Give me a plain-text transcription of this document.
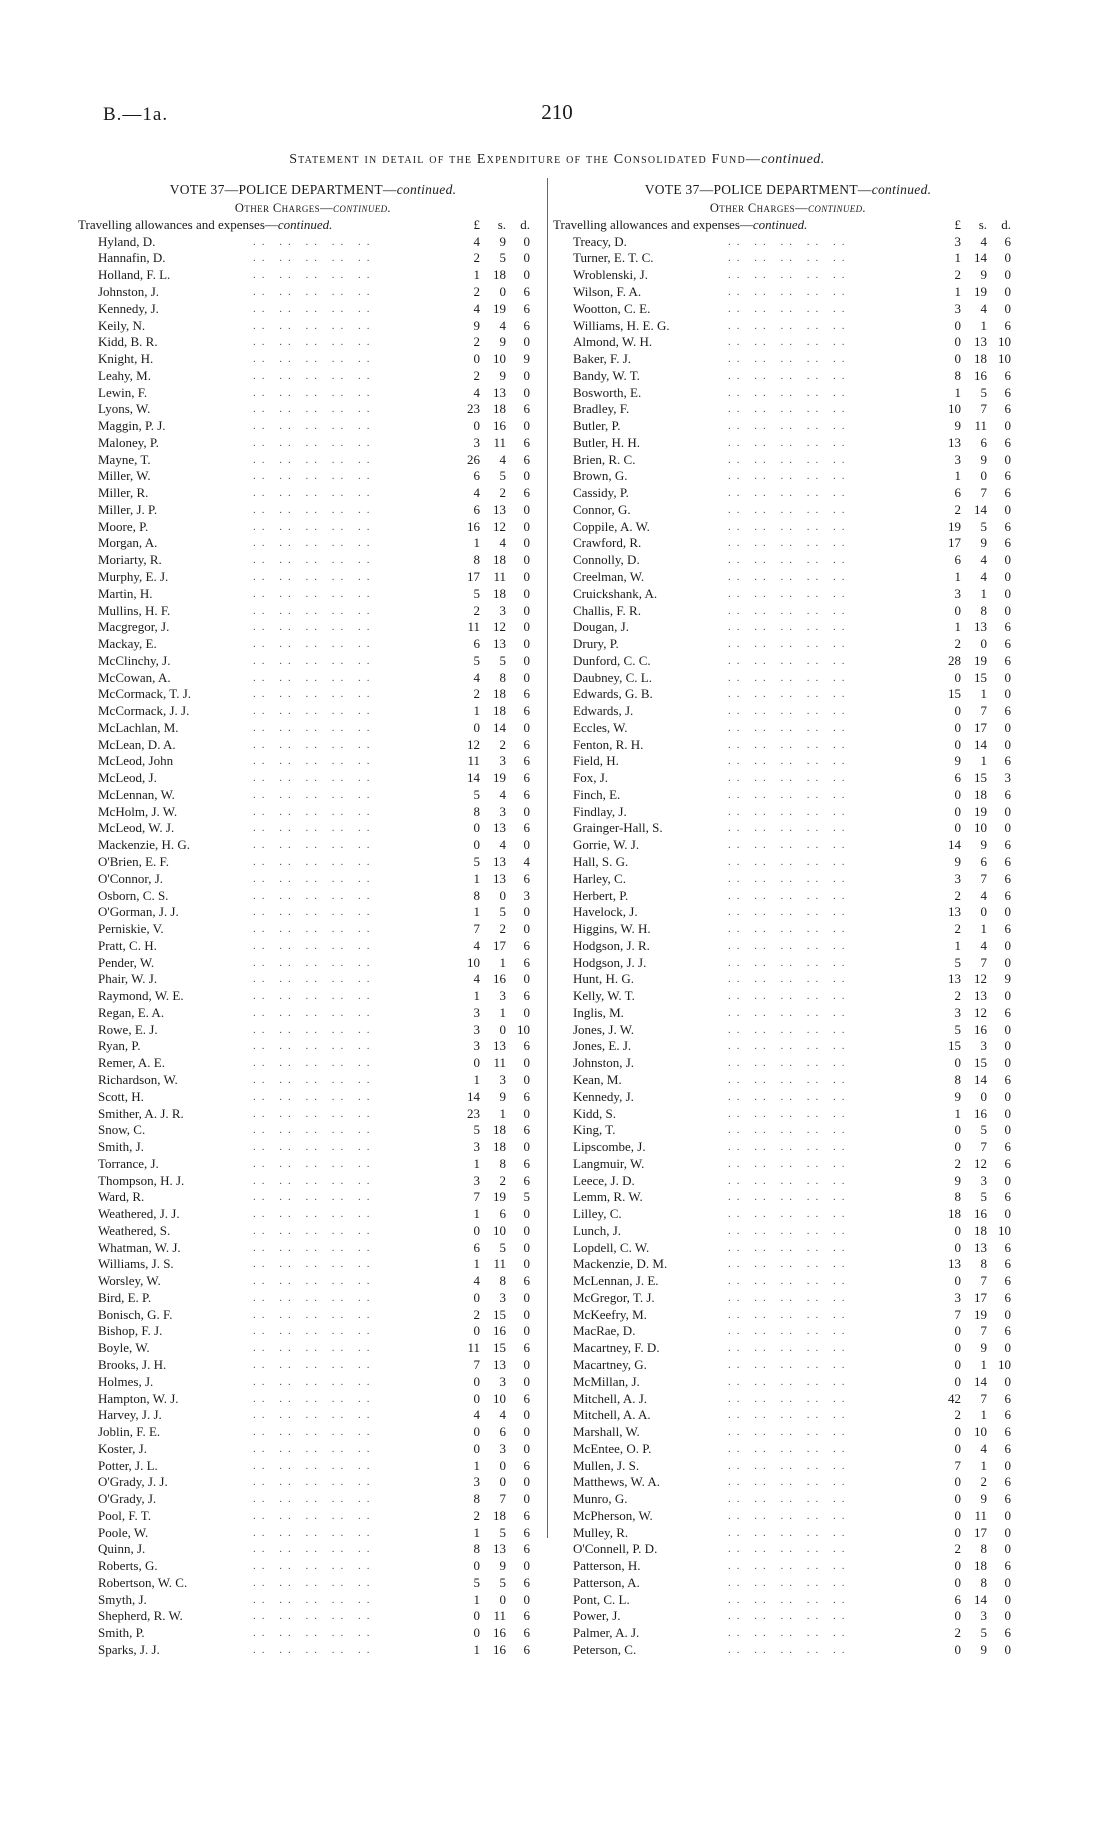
B.—1a.	210
Statement in detail of the Expenditure of the Consolidated Fund—continued.
VOTE 37—POLICE DEPARTMENT—continued.
Other Charges—continued.
Travelling allowances and expenses—continued.	£	s.	d.
Hyland, D.	4	9	0
.. .. .. .. ..
Hannafin, D.	2	5	0
.. .. .. .. ..
Holland, F. L.	1	18	0
.. .. .. .. ..
Johnston, J.	2	0	6
.. .. .. .. ..
Kennedy, J.	4	19	6
.. .. .. .. ..
Keily, N.	9	4	6
.. .. .. .. ..
Kidd, B. R.	2	9	0
.. .. .. .. ..
Knight, H.	0	10	9
.. .. .. .. ..
Leahy, M.	2	9	0
.. .. .. .. ..
Lewin, F.	4	13	0
.. .. .. .. ..
Lyons, W.	23	18	6
.. .. .. .. ..
Maggin, P. J.	0	16	0
.. .. .. .. ..
Maloney, P.	3	11	6
.. .. .. .. ..
Mayne, T.	26	4	6
.. .. .. .. ..
Miller, W.	6	5	0
.. .. .. .. ..
Miller, R.	4	2	6
.. .. .. .. ..
Miller, J. P.	6	13	0
.. .. .. .. ..
Moore, P.	16	12	0
.. .. .. .. ..
Morgan, A.	1	4	0
.. .. .. .. ..
Moriarty, R.	8	18	0
.. .. .. .. ..
Murphy, E. J.	17	11	0
.. .. .. .. ..
Martin, H.	5	18	0
.. .. .. .. ..
Mullins, H. F.	2	3	0
.. .. .. .. ..
Macgregor, J.	11	12	0
.. .. .. .. ..
Mackay, E.	6	13	0
.. .. .. .. ..
McClinchy, J.	5	5	0
.. .. .. .. ..
McCowan, A.	4	8	0
.. .. .. .. ..
McCormack, T. J.	2	18	6
.. .. .. .. ..
McCormack, J. J.	1	18	6
.. .. .. .. ..
McLachlan, M.	0	14	0
.. .. .. .. ..
McLean, D. A.	12	2	6
.. .. .. .. ..
McLeod, John	11	3	6
.. .. .. .. ..
McLeod, J.	14	19	6
.. .. .. .. ..
McLennan, W.	5	4	6
.. .. .. .. ..
McHolm, J. W.	8	3	0
.. .. .. .. ..
McLeod, W. J.	0	13	6
.. .. .. .. ..
Mackenzie, H. G.	0	4	0
.. .. .. .. ..
O'Brien, E. F.	5	13	4
.. .. .. .. ..
O'Connor, J.	1	13	6
.. .. .. .. ..
Osborn, C. S.	8	0	3
.. .. .. .. ..
O'Gorman, J. J.	1	5	0
.. .. .. .. ..
Perniskie, V.	7	2	0
.. .. .. .. ..
Pratt, C. H.	4	17	6
.. .. .. .. ..
Pender, W.	10	1	6
.. .. .. .. ..
Phair, W. J.	4	16	0
.. .. .. .. ..
Raymond, W. E.	1	3	6
.. .. .. .. ..
Regan, E. A.	3	1	0
.. .. .. .. ..
Rowe, E. J.	3	0 10
.. .. .. .. ..
Ryan, P.	3	13	6
.. .. .. .. ..
Remer, A. E.	0	11	0
.. .. .. .. ..
Richardson, W.	1	3	0
.. .. .. .. ..
Scott, H.	14	9	6
.. .. .. .. ..
Smither, A. J. R.	23	1	0
.. .. .. .. ..
Snow, C.	5	18	6
.. .. .. .. ..
Smith, J.	3	18	0
.. .. .. .. ..
Torrance, J.	1	8	6
.. .. .. .. ..
Thompson, H. J.	3	2	6
.. .. .. .. ..
Ward, R.	7	19	5
.. .. .. .. ..
Weathered, J. J.	1	6	0
.. .. .. .. ..
Weathered, S.	0	10	0
.. .. .. .. ..
Whatman, W. J.	6	5	0
.. .. .. .. ..
Williams, J. S.	1	11	0
.. .. .. .. ..
Worsley, W.	4	8	6
.. .. .. .. ..
Bird, E. P.	0	3	0
.. .. .. .. ..
Bonisch, G. F.	2	15	0
.. .. .. .. ..
Bishop, F. J.	0	16	0
.. .. .. .. ..
Boyle, W.	11	15	6
.. .. .. .. ..
Brooks, J. H.	7	13	0
.. .. .. .. ..
Holmes, J.	0	3	0
.. .. .. .. ..
Hampton, W. J.	0	10	6
.. .. .. .. ..
Harvey, J. J.	4	4	0
.. .. .. .. ..
Joblin, F. E.	0	6	0
.. .. .. .. ..
Koster, J.	0	3	0
.. .. .. .. ..
Potter, J. L.	1	0	6
.. .. .. .. ..
O'Grady, J. J.	3	0	0
.. .. .. .. ..
O'Grady, J.	8	7	0
.. .. .. .. ..
Pool, F. T.	2	18	6
.. .. .. .. ..
Poole, W.	1	5	6
.. .. .. .. ..
Quinn, J.	8	13	6
.. .. .. .. ..
Roberts, G.	0	9	0
.. .. .. .. ..
Robertson, W. C.	5	5	6
.. .. .. .. ..
Smyth, J.	1	0	0
.. .. .. .. ..
Shepherd, R. W.	0	11	6
.. .. .. .. ..
Smith, P.	0	16	6
.. .. .. .. ..
Sparks, J. J.	1	16	6
.. .. .. .. ..
VOTE 37—POLICE DEPARTMENT—continued.
Other Charges—continued.
Travelling allowances and expenses—continued.	£	s.	d.
Treacy, D.	3	4	6
.. .. .. .. ..
Turner, E. T. C.	1	14	0
.. .. .. .. ..
Wroblenski, J.	2	9	0
.. .. .. .. ..
Wilson, F. A.	1	19	0
.. .. .. .. ..
Wootton, C. E.	3	4	0
.. .. .. .. ..
Williams, H. E. G.	0	1	6
.. .. .. .. ..
Almond, W. H.	0	13 10
.. .. .. .. ..
Baker, F. J.	0	18 10
.. .. .. .. ..
Bandy, W. T.	8	16	6
.. .. .. .. ..
Bosworth, E.	1	5	6
.. .. .. .. ..
Bradley, F.	10	7	6
.. .. .. .. ..
Butler, P.	9	11	0
.. .. .. .. ..
Butler, H. H.	13	6	6
.. .. .. .. ..
Brien, R. C.	3	9	0
.. .. .. .. ..
Brown, G.	1	0	6
.. .. .. .. ..
Cassidy, P.	6	7	6
.. .. .. .. ..
Connor, G.	2	14	0
.. .. .. .. ..
Coppile, A. W.	19	5	6
.. .. .. .. ..
Crawford, R.	17	9	6
.. .. .. .. ..
Connolly, D.	6	4	0
.. .. .. .. ..
Creelman, W.	1	4	0
.. .. .. .. ..
Cruickshank, A.	3	1	0
.. .. .. .. ..
Challis, F. R.	0	8	0
.. .. .. .. ..
Dougan, J.	1	13	6
.. .. .. .. ..
Drury, P.	2	0	6
.. .. .. .. ..
Dunford, C. C.	28	19	6
.. .. .. .. ..
Daubney, C. L.	0	15	0
.. .. .. .. ..
Edwards, G. B.	15	1	0
.. .. .. .. ..
Edwards, J.	0	7	6
.. .. .. .. ..
Eccles, W.	0	17	0
.. .. .. .. ..
Fenton, R. H.	0	14	0
.. .. .. .. ..
Field, H.	9	1	6
.. .. .. .. ..
Fox, J.	6	15	3
.. .. .. .. ..
Finch, E.	0	18	6
.. .. .. .. ..
Findlay, J.	0	19	0
.. .. .. .. ..
Grainger-Hall, S.	0	10	0
.. .. .. .. ..
Gorrie, W. J.	14	9	6
.. .. .. .. ..
Hall, S. G.	9	6	6
.. .. .. .. ..
Harley, C.	3	7	6
.. .. .. .. ..
Herbert, P.	2	4	6
.. .. .. .. ..
Havelock, J.	13	0	0
.. .. .. .. ..
Higgins, W. H.	2	1	6
.. .. .. .. ..
Hodgson, J. R.	1	4	0
.. .. .. .. ..
Hodgson, J. J.	5	7	0
.. .. .. .. ..
Hunt, H. G.	13	12	9
.. .. .. .. ..
Kelly, W. T.	2	13	0
.. .. .. .. ..
Inglis, M.	3	12	6
.. .. .. .. ..
Jones, J. W.	5	16	0
.. .. .. .. ..
Jones, E. J.	15	3	0
.. .. .. .. ..
Johnston, J.	0	15	0
.. .. .. .. ..
Kean, M.	8	14	6
.. .. .. .. ..
Kennedy, J.	9	0	0
.. .. .. .. ..
Kidd, S.	1	16	0
.. .. .. .. ..
King, T.	0	5	0
.. .. .. .. ..
Lipscombe, J.	0	7	6
.. .. .. .. ..
Langmuir, W.	2	12	6
.. .. .. .. ..
Leece, J. D.	9	3	0
.. .. .. .. ..
Lemm, R. W.	8	5	6
.. .. .. .. ..
Lilley, C.	18	16	0
.. .. .. .. ..
Lunch, J.	0	18 10
.. .. .. .. ..
Lopdell, C. W.	0	13	6
.. .. .. .. ..
Mackenzie, D. M.	13	8	6
.. .. .. .. ..
McLennan, J. E.	0	7	6
.. .. .. .. ..
McGregor, T. J.	3	17	6
.. .. .. .. ..
McKeefry, M.	7	19	0
.. .. .. .. ..
MacRae, D.	0	7	6
.. .. .. .. ..
Macartney, F. D.	0	9	0
.. .. .. .. ..
Macartney, G.	0	1 10
.. .. .. .. ..
McMillan, J.	0	14	0
.. .. .. .. ..
Mitchell, A. J.	42	7	6
.. .. .. .. ..
Mitchell, A. A.	2	1	6
.. .. .. .. ..
Marshall, W.	0	10	6
.. .. .. .. ..
McEntee, O. P.	0	4	6
.. .. .. .. ..
Mullen, J. S.	7	1	0
.. .. .. .. ..
Matthews, W. A.	0	2	6
.. .. .. .. ..
Munro, G.	0	9	6
.. .. .. .. ..
McPherson, W.	0	11	0
.. .. .. .. ..
Mulley, R.	0	17	0
.. .. .. .. ..
O'Connell, P. D.	2	8	0
.. .. .. .. ..
Patterson, H.	0	18	6
.. .. .. .. ..
Patterson, A.	0	8	0
.. .. .. .. ..
Pont, C. L.	6	14	0
.. .. .. .. ..
Power, J.	0	3	0
.. .. .. .. ..
Palmer, A. J.	2	5	6
.. .. .. .. ..
Peterson, C.	0	9	0
.. .. .. .. ..
